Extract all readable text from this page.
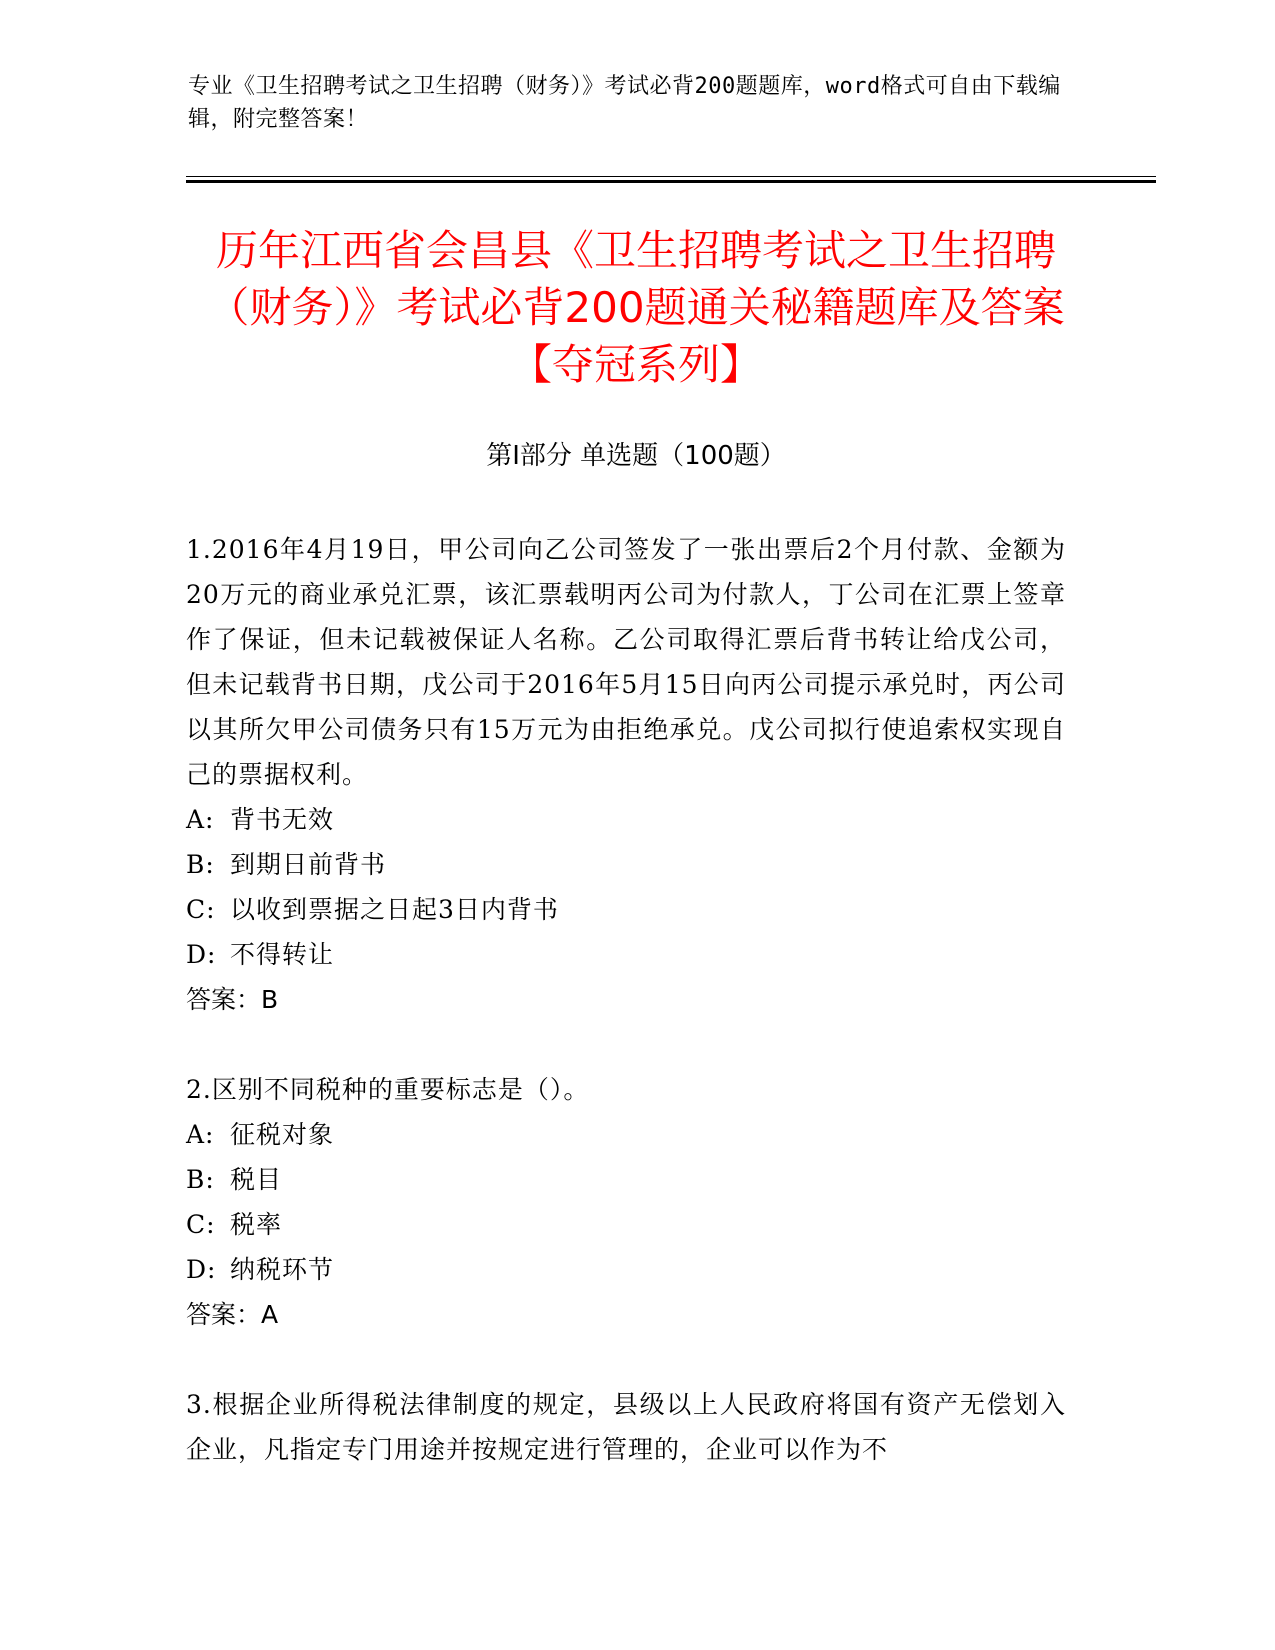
专业《卫生招聘考试之卫生招聘（财务）》考试必背200题题库，word格式可自由下载编辑，附完整答案！
历年江西省会昌县《卫生招聘考试之卫生招聘（财务）》考试必背200题通关秘籍题库及答案【夺冠系列】
第I部分 单选题（100题）

1.2016年4月19日，甲公司向乙公司签发了一张出票后2个月付款、金额为20万元的商业承兑汇票，该汇票载明丙公司为付款人，丁公司在汇票上签章作了保证，但未记载被保证人名称。乙公司取得汇票后背书转让给戊公司，但未记载背书日期，戊公司于2016年5月15日向丙公司提示承兑时，丙公司以其所欠甲公司债务只有15万元为由拒绝承兑。戊公司拟行使追索权实现自己的票据权利。

A: 背书无效

B: 到期日前背书

C: 以收到票据之日起3日内背书

D: 不得转让

答案：B

2.区别不同税种的重要标志是（）。

A: 征税对象

B: 税目

C: 税率

D: 纳税环节

答案：A

3.根据企业所得税法律制度的规定，县级以上人民政府将国有资产无偿划入企业，凡指定专门用途并按规定进行管理的，企业可以作为不
